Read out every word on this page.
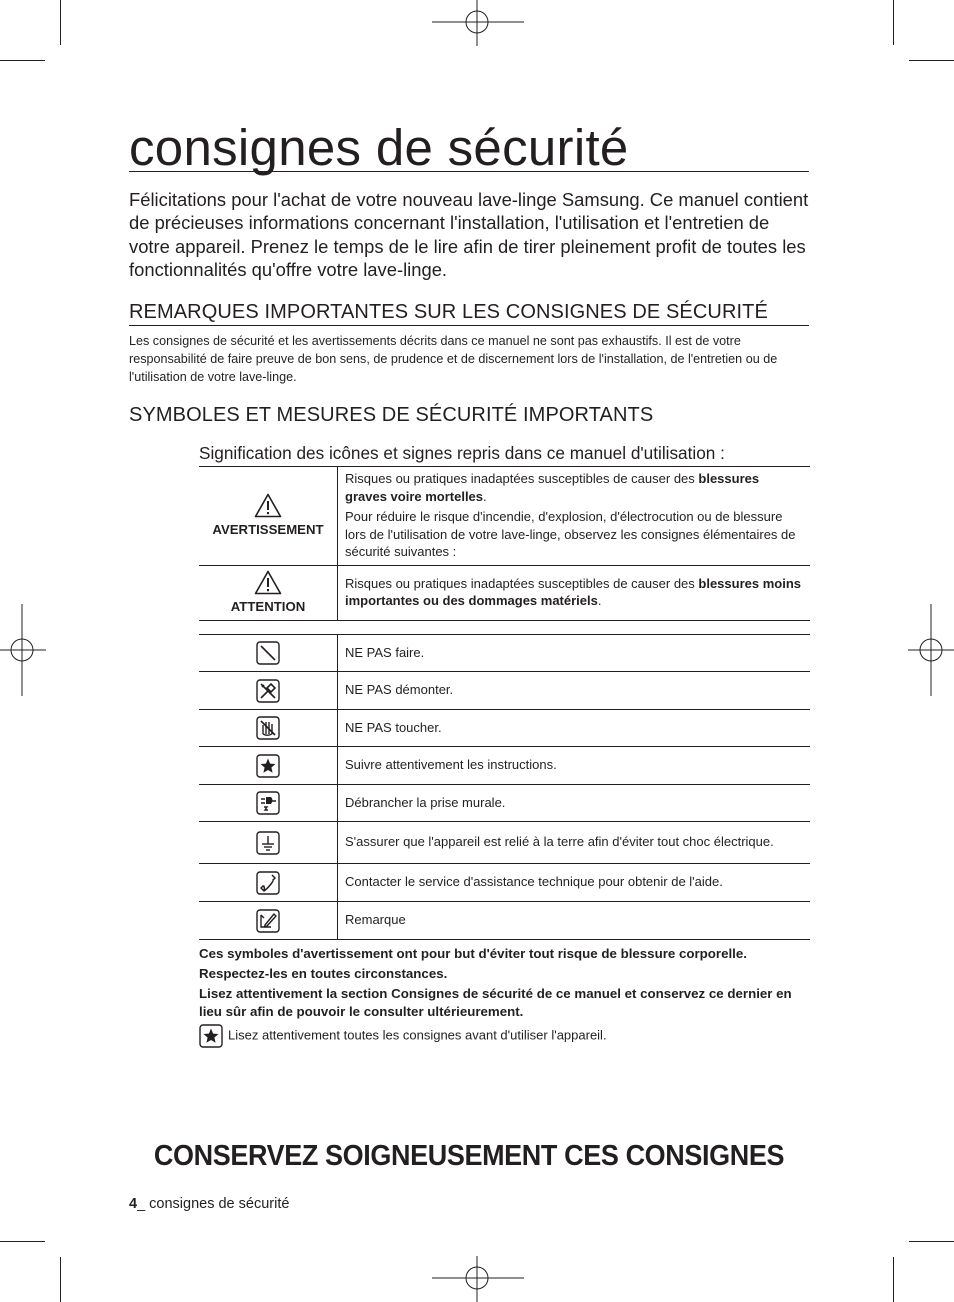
consignes de sécurité

Félicitations pour l'achat de votre nouveau lave-linge Samsung. Ce manuel contient de précieuses informations concernant l'installation, l'utilisation et l'entretien de votre appareil. Prenez le temps de le lire afin de tirer pleinement profit de toutes les fonctionnalités qu'offre votre lave-linge.

REMARQUES IMPORTANTES SUR LES CONSIGNES DE SÉCURITÉ

Les consignes de sécurité et les avertissements décrits dans ce manuel ne sont pas exhaustifs. Il est de votre responsabilité de faire preuve de bon sens, de prudence et de discernement lors de l'installation, de l'entretien ou de l'utilisation de votre lave-linge.

SYMBOLES ET MESURES DE SÉCURITÉ IMPORTANTS

Signification des icônes et signes repris dans ce manuel d'utilisation :

AVERTISSEMENT	Risques ou pratiques inadaptées susceptibles de causer des blessures graves voire mortelles.
Pour réduire le risque d'incendie, d'explosion, d'électrocution ou de blessure lors de l'utilisation de votre lave-linge, observez les consignes élémentaires de sécurité suivantes :

ATTENTION	Risques ou pratiques inadaptées susceptibles de causer des blessures moins importantes ou des dommages matériels.
	NE PAS faire.
	NE PAS démonter.
	NE PAS toucher.
	Suivre attentivement les instructions.
	Débrancher la prise murale.
	S'assurer que l'appareil est relié à la terre afin d'éviter tout choc électrique.
	Contacter le service d'assistance technique pour obtenir de l'aide.
	Remarque

Ces symboles d'avertissement ont pour but d'éviter tout risque de blessure corporelle.

Respectez-les en toutes circonstances.

Lisez attentivement la section Consignes de sécurité de ce manuel et conservez ce dernier en lieu sûr afin de pouvoir le consulter ultérieurement.

Lisez attentivement toutes les consignes avant d'utiliser l'appareil.
CONSERVEZ SOIGNEUSEMENT CES CONSIGNES
4_ consignes de sécurité
